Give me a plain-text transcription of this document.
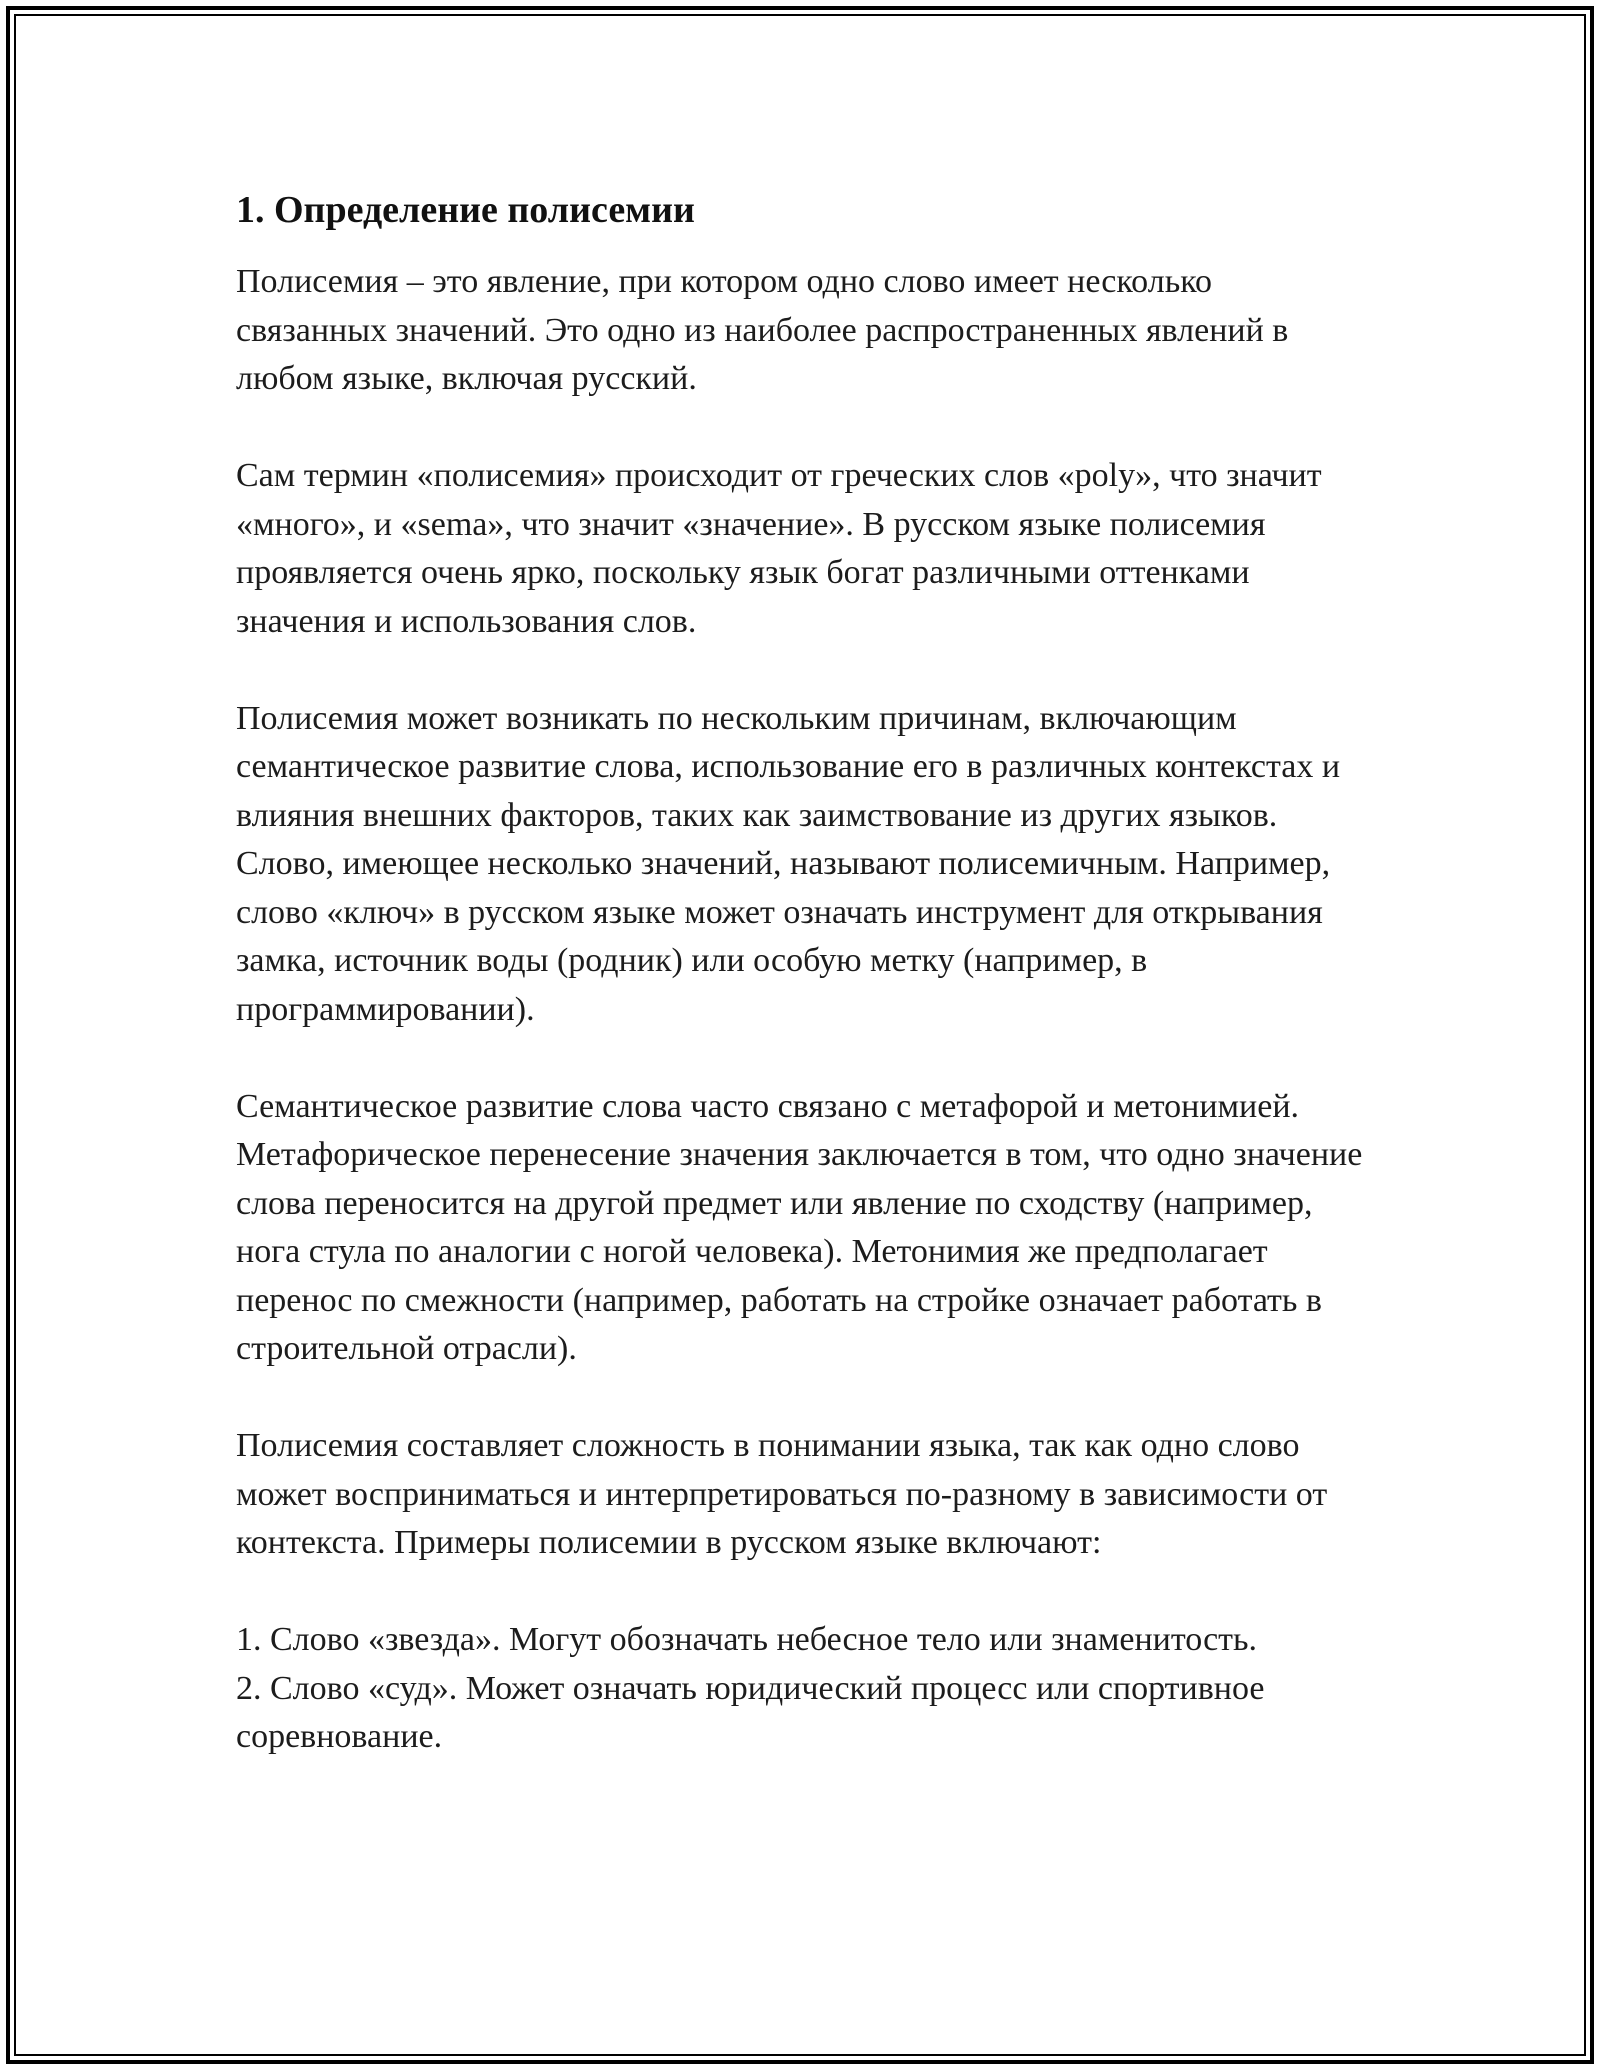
1. Определение полисемии

Полисемия – это явление, при котором одно слово имеет несколько связанных значений. Это одно из наиболее распространенных явлений в любом языке, включая русский.

Сам термин «полисемия» происходит от греческих слов «poly», что значит «много», и «sema», что значит «значение». В русском языке полисемия проявляется очень ярко, поскольку язык богат различными оттенками значения и использования слов.

Полисемия может возникать по нескольким причинам, включающим семантическое развитие слова, использование его в различных контекстах и влияния внешних факторов, таких как заимствование из других языков. Слово, имеющее несколько значений, называют полисемичным. Например, слово «ключ» в русском языке может означать инструмент для открывания замка, источник воды (родник) или особую метку (например, в программировании).

Семантическое развитие слова часто связано с метафорой и метонимией. Метафорическое перенесение значения заключается в том, что одно значение слова переносится на другой предмет или явление по сходству (например, нога стула по аналогии с ногой человека). Метонимия же предполагает перенос по смежности (например, работать на стройке означает работать в строительной отрасли).

Полисемия составляет сложность в понимании языка, так как одно слово может восприниматься и интерпретироваться по-разному в зависимости от контекста. Примеры полисемии в русском языке включают:

1. Слово «звезда». Могут обозначать небесное тело или знаменитость.
2. Слово «суд». Может означать юридический процесс или спортивное соревнование.
